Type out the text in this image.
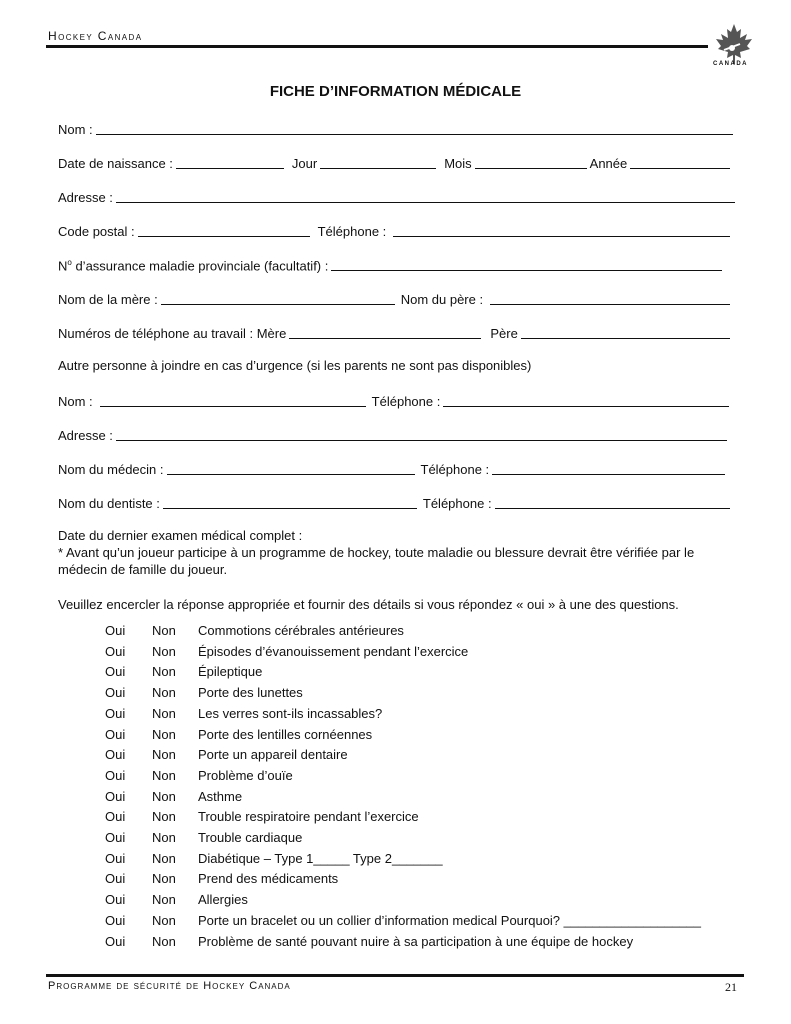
Hockey Canada
CANADA
FICHE D’INFORMATION MÉDICALE
Nom :
Date de naissance :	Jour	Mois	Année
Adresse :
Code postal :	Téléphone :
$N^o$ d’assurance maladie provinciale (facultatif) :
Nom de la mère :	Nom du père :
Numéros de téléphone au travail : Mère	Père
Autre personne à joindre en cas d’urgence (si les parents ne sont pas disponibles)
Nom :	Téléphone :
Adresse :
Nom du médecin :	Téléphone :
Nom du dentiste :	Téléphone :
Date du dernier examen médical complet :
* Avant qu’un joueur participe à un programme de hockey, toute maladie ou blessure devrait être vérifiée par le
médecin de famille du joueur.
Veuillez encercler la réponse appropriée et fournir des détails si vous répondez « oui » à une des questions.
Oui Non Commotions cérébrales antérieures
Oui Non Épisodes d’évanouissement pendant l’exercice
Oui Non Épileptique
Oui Non Porte des lunettes
Oui Non Les verres sont-ils incassables?
Oui Non Porte des lentilles cornéennes
Oui Non Porte un appareil dentaire
Oui Non Problème d’ouïe
Oui Non Asthme
Oui Non Trouble respiratoire pendant l’exercice
Oui Non Trouble cardiaque
Oui Non Diabétique – Type 1_____ Type 2_______
Oui Non Prend des médicaments
Oui Non Allergies
Oui Non Porte un bracelet ou un collier d’information medical Pourquoi? ___________________
Oui Non Problème de santé pouvant nuire à sa participation à une équipe de hockey
Programme de sécurité de Hockey Canada	21
